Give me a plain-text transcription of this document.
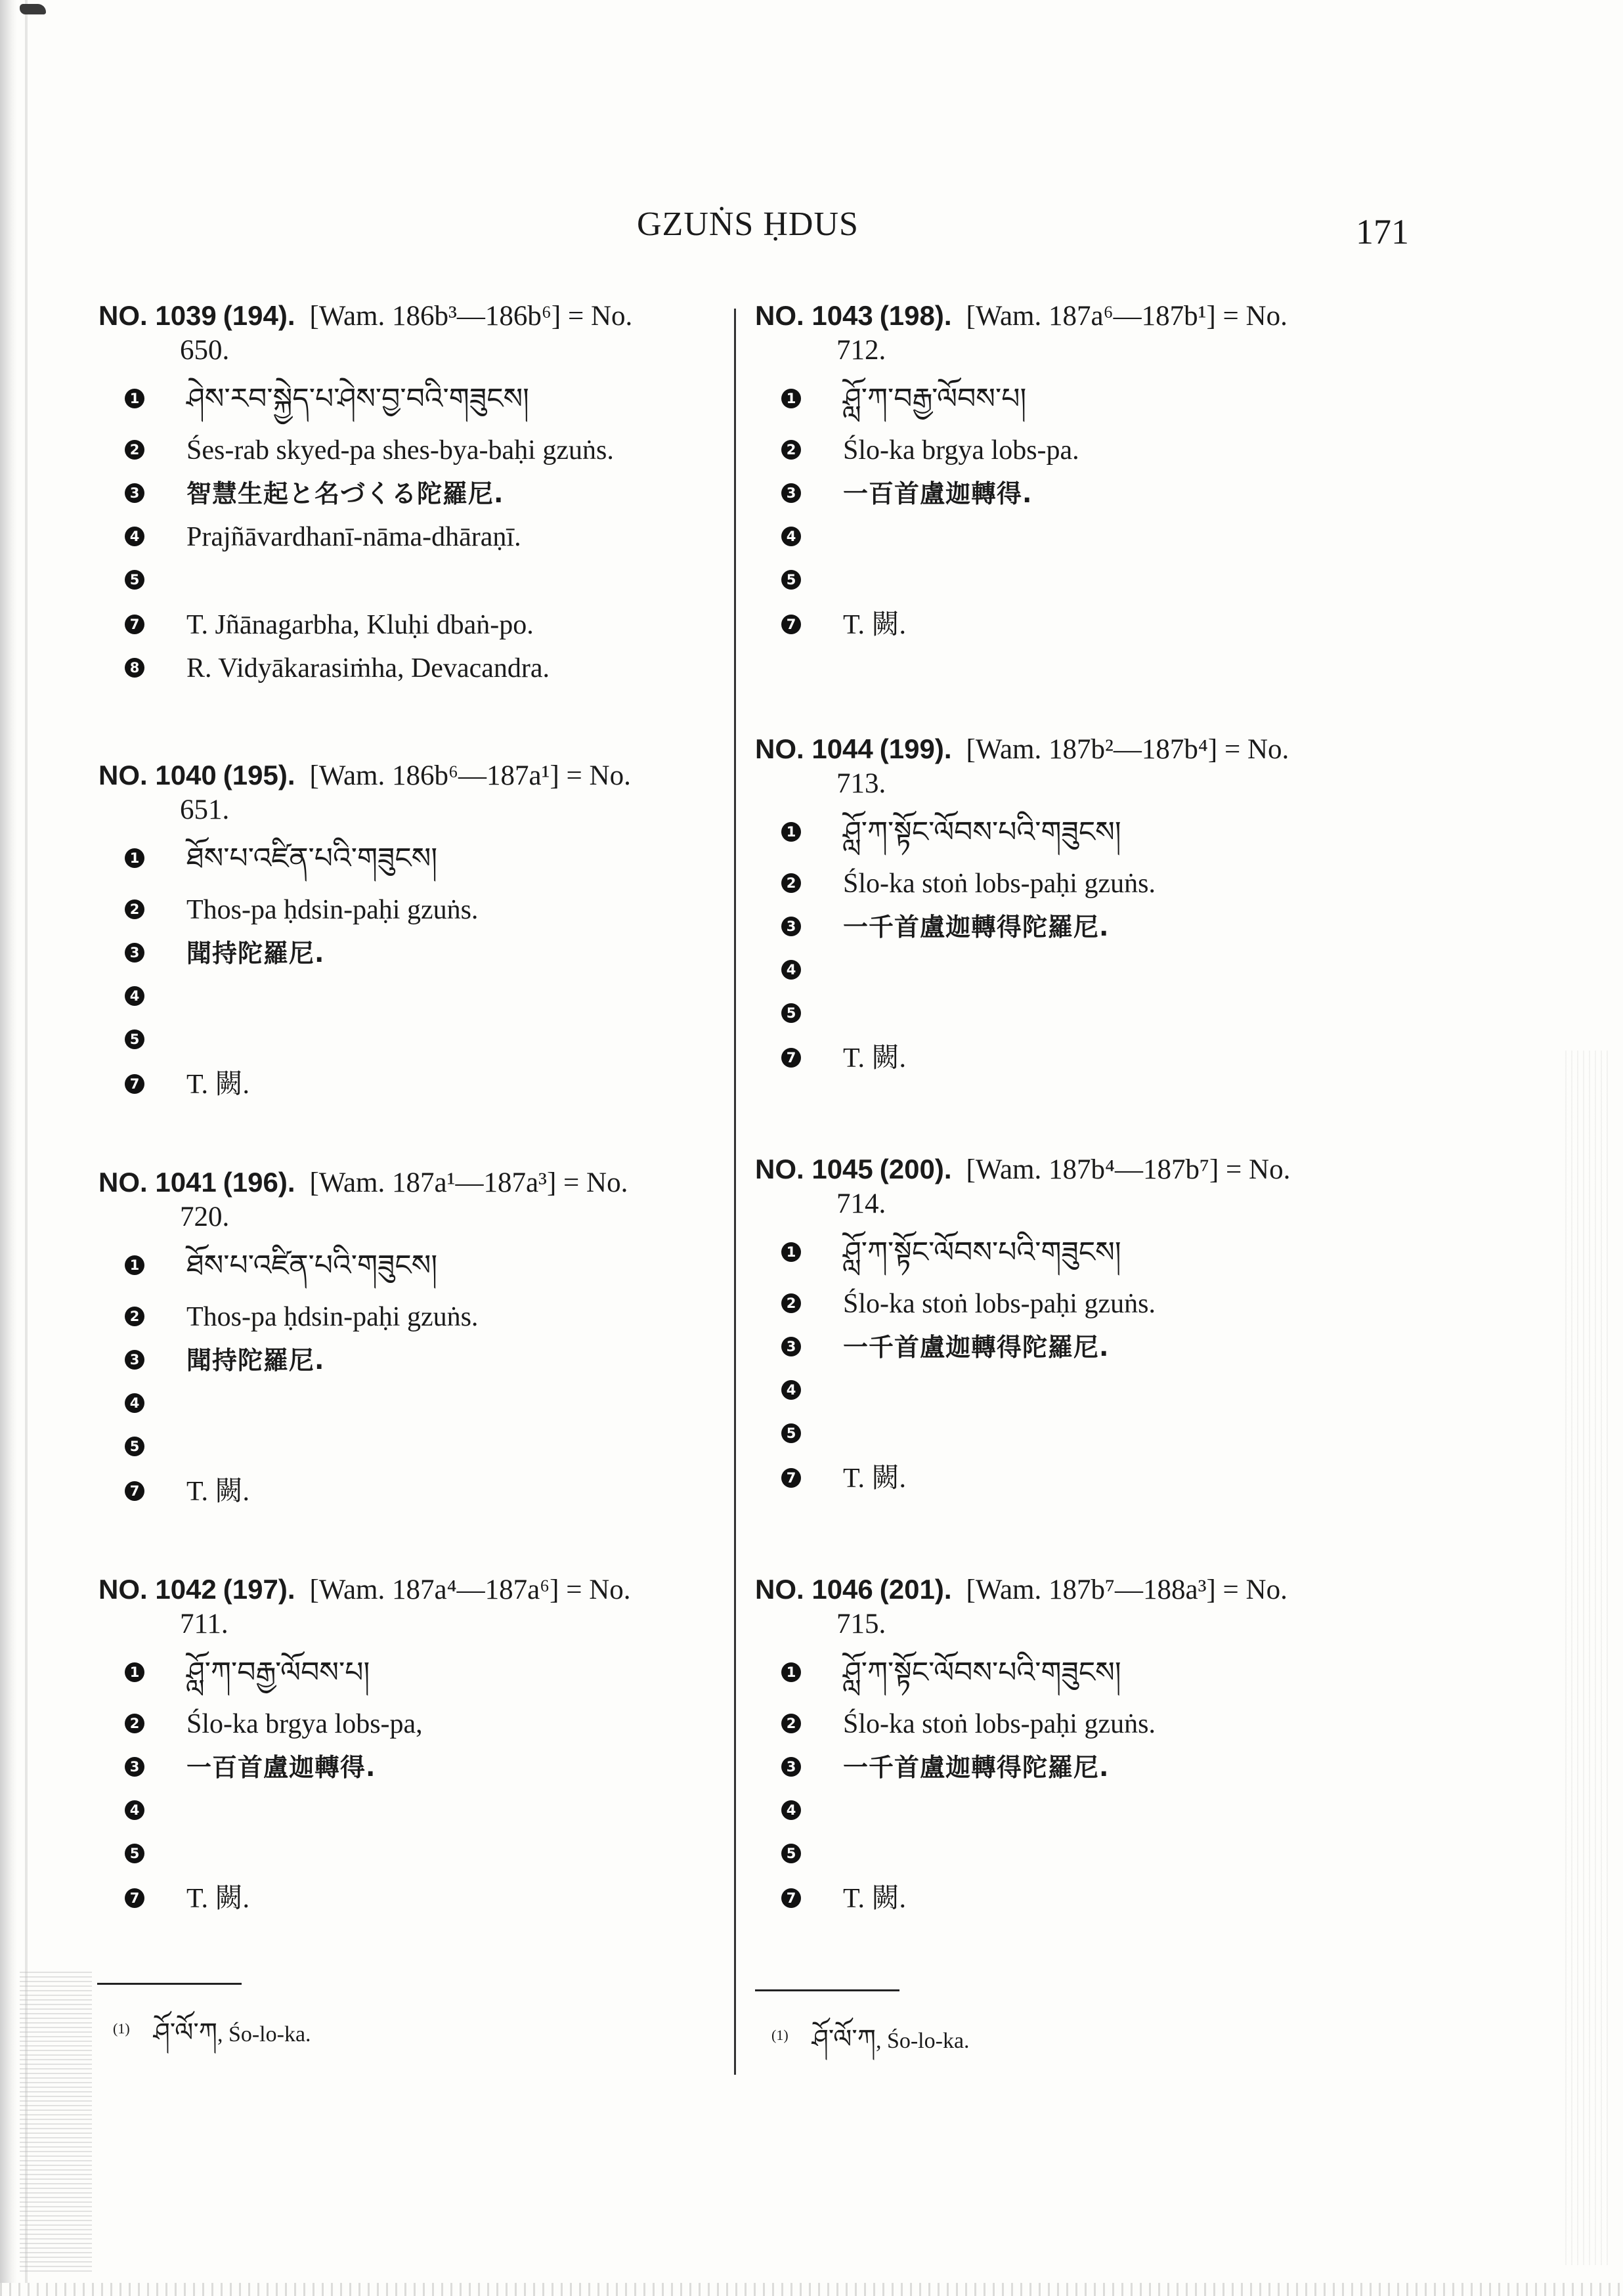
GZUṄS ḤDUS	171
NO. 1039 (194). [Wam. 186b³—186b⁶] = No.
650.
1 ཤེས་རབ་སྐྱེད་པ་ཤེས་བྱ་བའི་གཟུངས།
2 Śes-rab skyed-pa shes-bya-baḥi gzuṅs.
3 智慧生起と名づくる陀羅尼.
4 Prajñāvardhanī-nāma-dhāraṇī.
5
7 T. Jñānagarbha, Kluḥi dbaṅ-po.
8 R. Vidyākarasiṁha, Devacandra.
NO. 1040 (195). [Wam. 186b⁶—187a¹] = No.
651.
1 ཐོས་པ་འཛིན་པའི་གཟུངས།
2 Thos-pa ḥdsin-paḥi gzuṅs.
3 聞持陀羅尼.
4
5
7 T. 闕.
NO. 1041 (196). [Wam. 187a¹—187a³] = No.
720.
1 ཐོས་པ་འཛིན་པའི་གཟུངས།
2 Thos-pa ḥdsin-paḥi gzuṅs.
3 聞持陀羅尼.
4
5
7 T. 闕.
NO. 1042 (197). [Wam. 187a⁴—187a⁶] = No.
711.
1 ཤློ་ཀ་བརྒྱ་ལོབས་པ།
2 Ślo-ka brgya lobs-pa,
3 一百首盧迦轉得.
4
5
7 T. 闕.
NO. 1043 (198). [Wam. 187a⁶—187b¹] = No.
712.
1 ཤློ་ཀ་བརྒྱ་ལོབས་པ།
2 Ślo-ka brgya lobs-pa.
3 一百首盧迦轉得.
4
5
7 T. 闕.
NO. 1044 (199). [Wam. 187b²—187b⁴] = No.
713.
1 ཤློ་ཀ་སྟོང་ལོབས་པའི་གཟུངས།
2 Ślo-ka stoṅ lobs-paḥi gzuṅs.
3 一千首盧迦轉得陀羅尼.
4
5
7 T. 闕.
NO. 1045 (200). [Wam. 187b⁴—187b⁷] = No.
714.
1 ཤློ་ཀ་སྟོང་ལོབས་པའི་གཟུངས།
2 Ślo-ka stoṅ lobs-paḥi gzuṅs.
3 一千首盧迦轉得陀羅尼.
4
5
7 T. 闕.
NO. 1046 (201). [Wam. 187b⁷—188a³] = No.
715.
1 ཤློ་ཀ་སྟོང་ལོབས་པའི་གཟུངས།
2 Ślo-ka stoṅ lobs-paḥi gzuṅs.
3 一千首盧迦轉得陀羅尼.
4
5
7 T. 闕.
$^{(1)}$ ཤོ་ལོ་ཀ, Śo-lo-ka.	$^{(1)}$ ཤོ་ལོ་ཀ, Śo-lo-ka.
